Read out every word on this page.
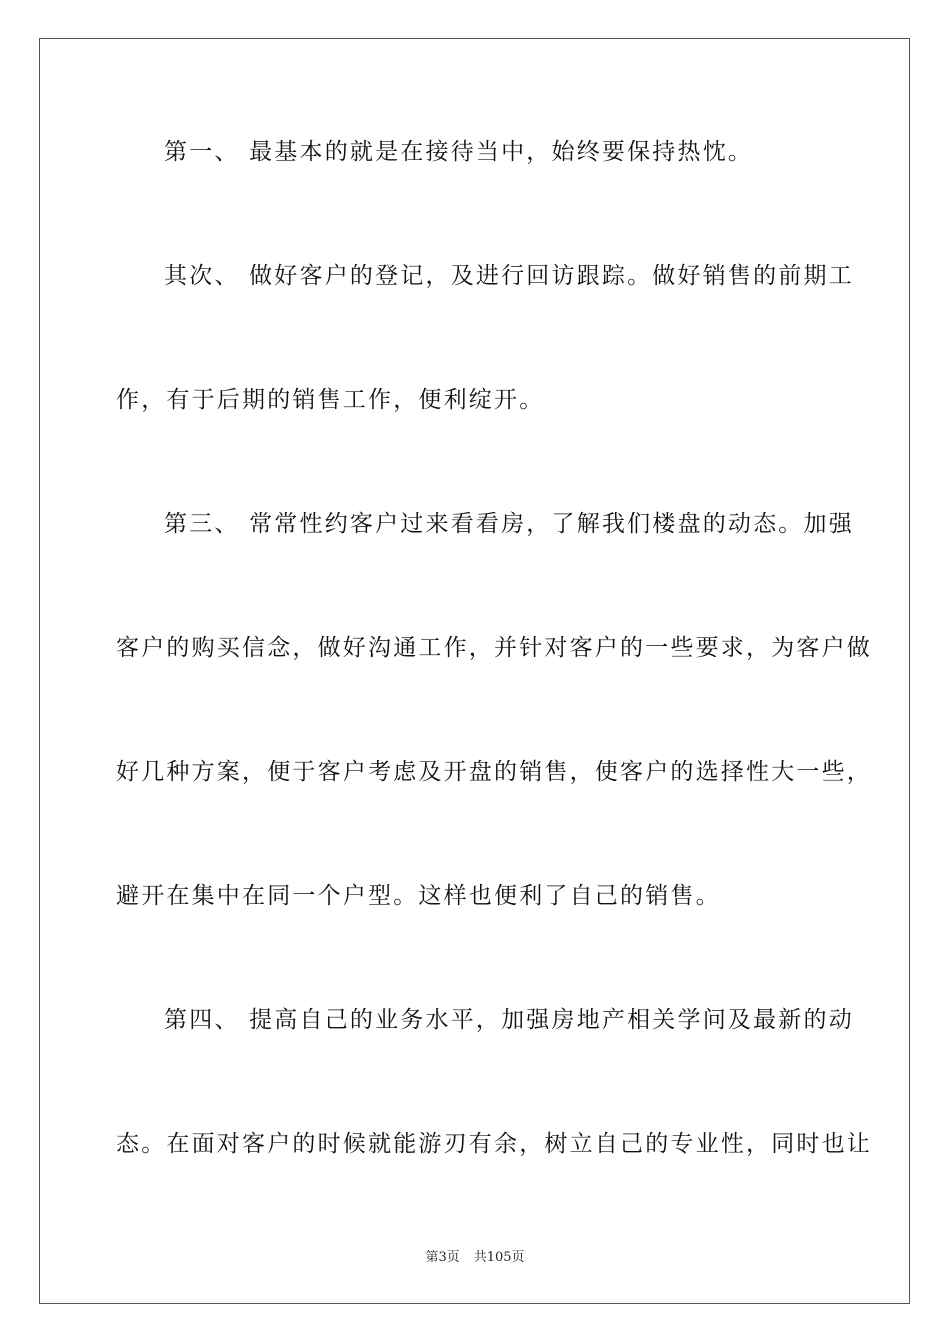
第一、 最基本的就是在接待当中，始终要保持热忱。
其次、 做好客户的登记，及进行回访跟踪。做好销售的前期工
作，有于后期的销售工作，便利绽开。
第三、 常常性约客户过来看看房，了解我们楼盘的动态。加强
客户的购买信念，做好沟通工作，并针对客户的一些要求，为客户做
好几种方案，便于客户考虑及开盘的销售，使客户的选择性大一些，
避开在集中在同一个户型。这样也便利了自己的销售。
第四、 提高自己的业务水平，加强房地产相关学问及最新的动
态。在面对客户的时候就能游刃有余，树立自己的专业性，同时也让
第3页 共105页
